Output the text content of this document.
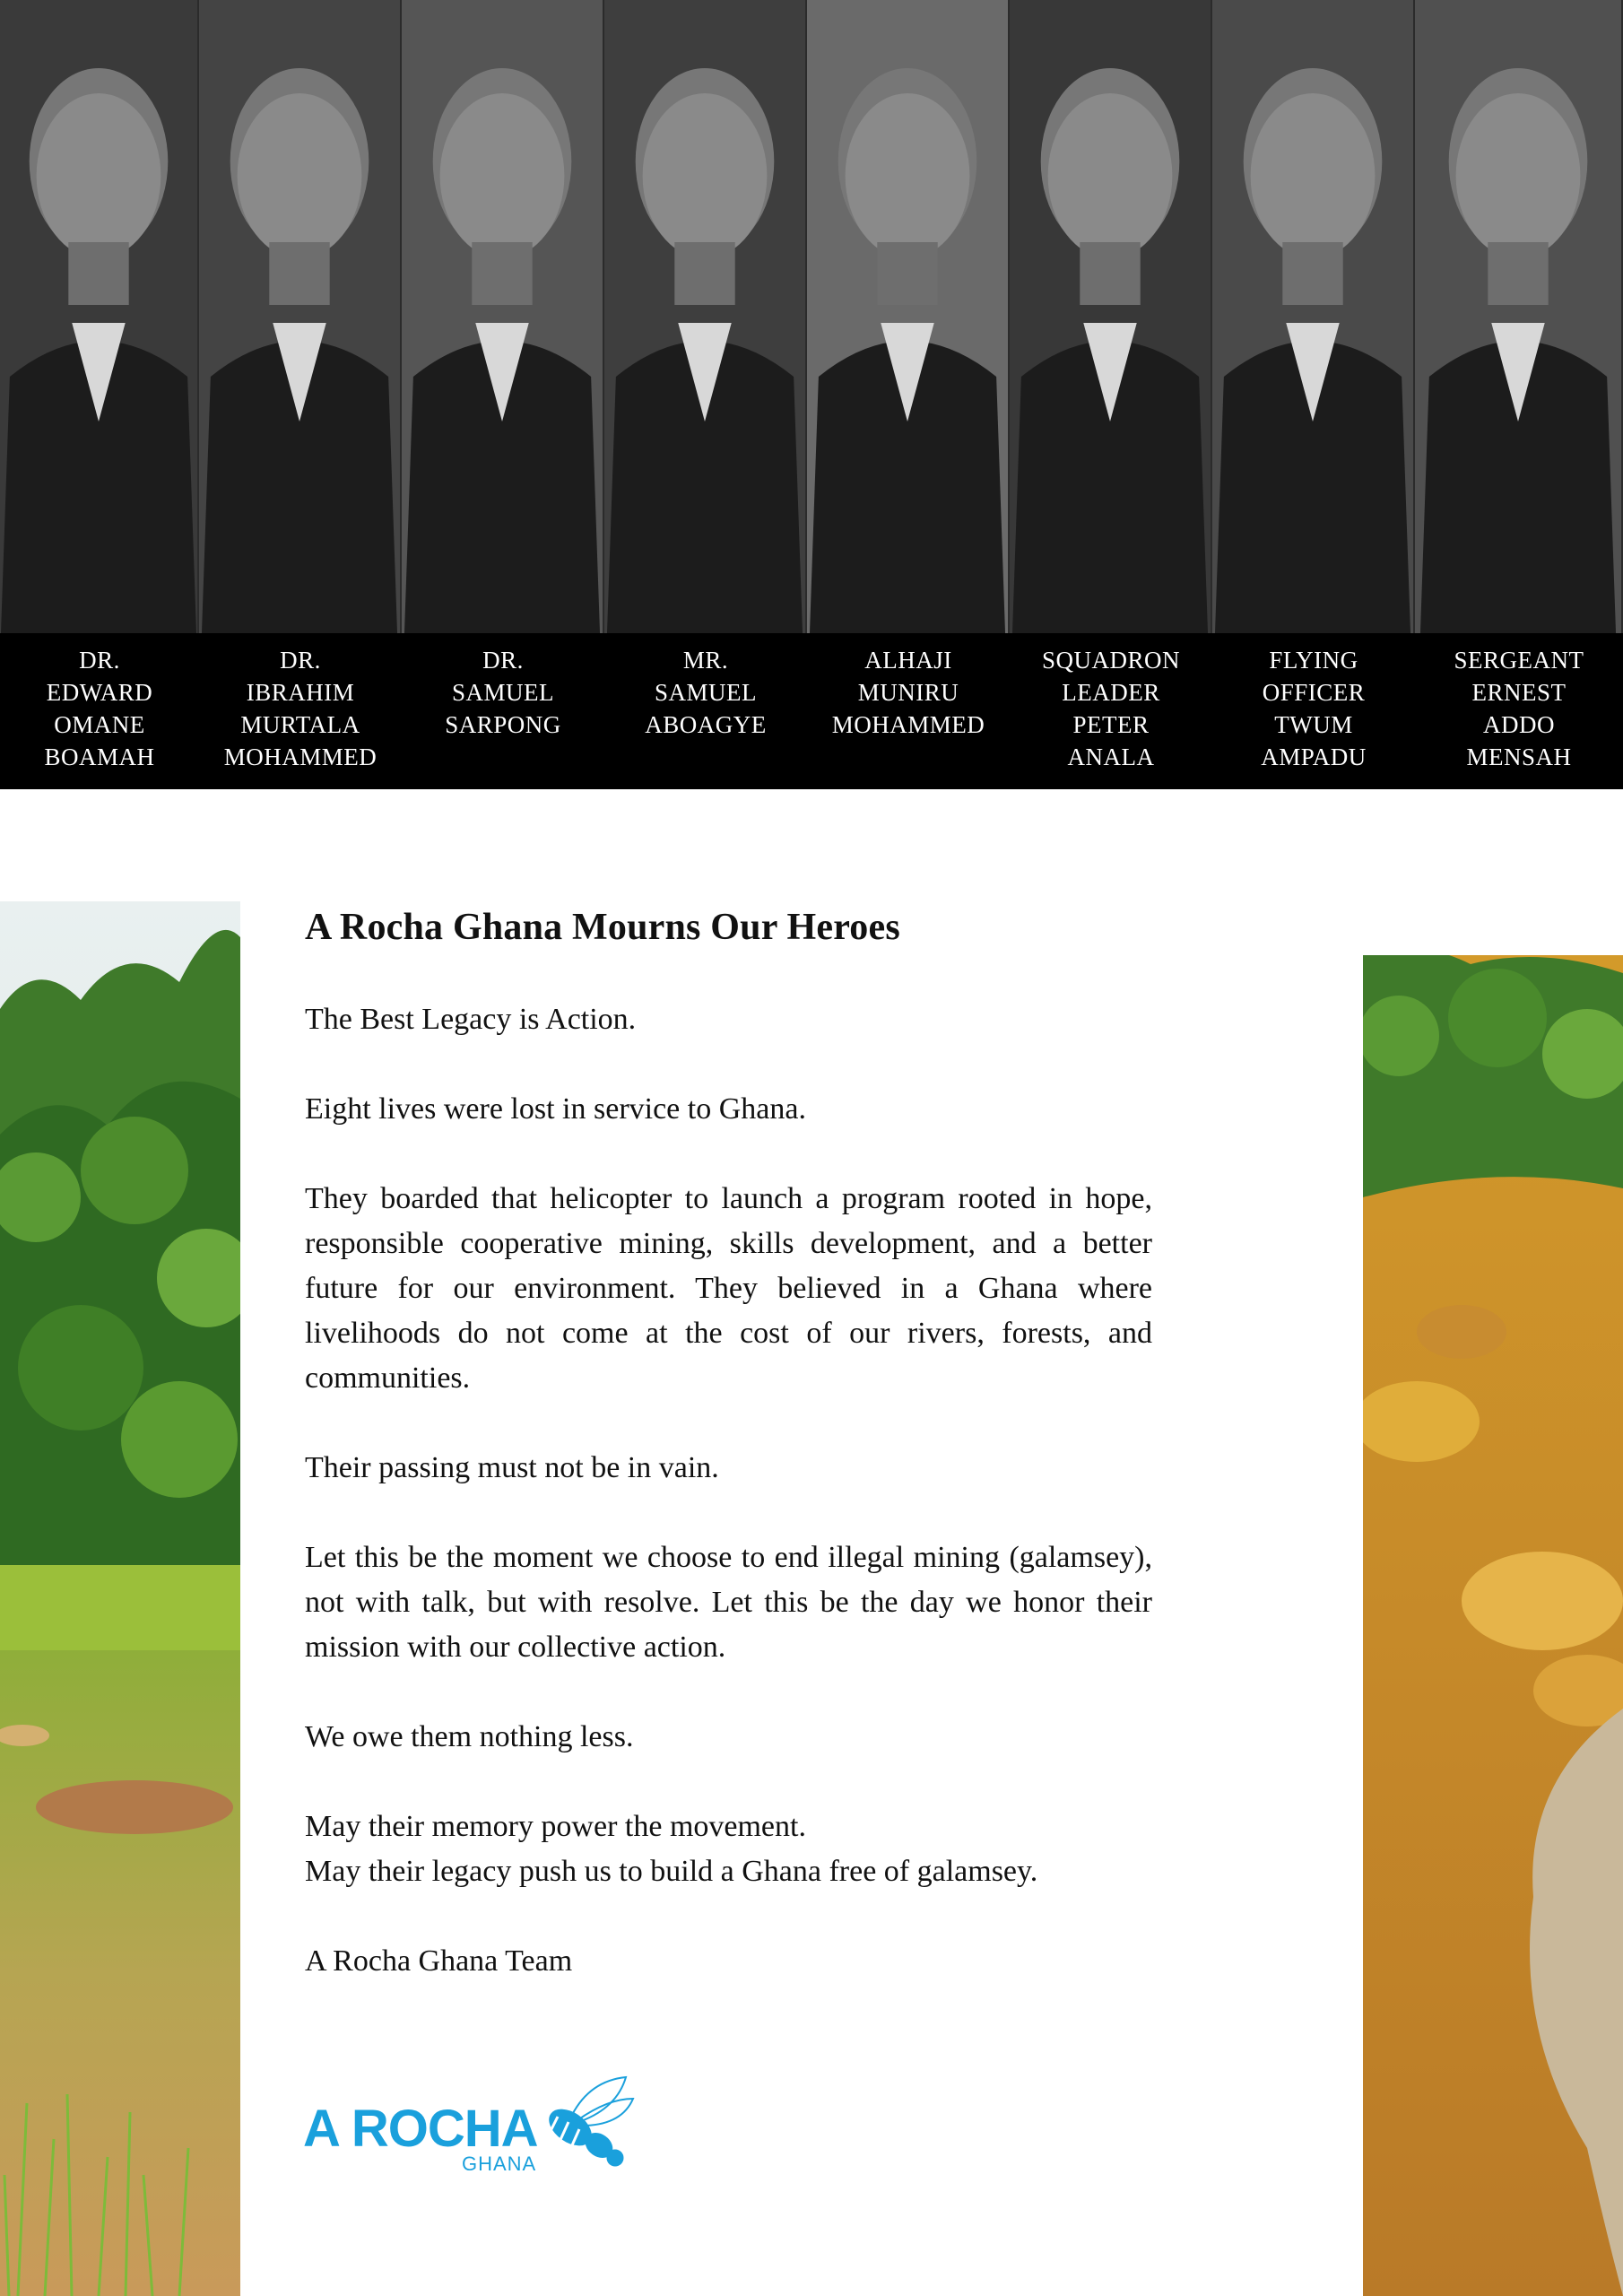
DR.
EDWARD
OMANE
BOAMAH
DR.
IBRAHIM
MURTALA
MOHAMMED
DR.
SAMUEL
SARPONG
MR.
SAMUEL
ABOAGYE
ALHAJI
MUNIRU
MOHAMMED
SQUADRON
LEADER
PETER
ANALA
FLYING
OFFICER
TWUM
AMPADU
SERGEANT
ERNEST
ADDO
MENSAH
A Rocha Ghana Mourns Our Heroes

The Best Legacy is Action.

Eight lives were lost in service to Ghana.

They boarded that helicopter to launch a program rooted in hope, responsible cooperative mining, skills development, and a better future for our environment. They believed in a Ghana where livelihoods do not come at the cost of our rivers, forests, and communities.

Their passing must not be in vain.

Let this be the moment we choose to end illegal mining (galamsey), not with talk, but with resolve. Let this be the day we honor their mission with our collective action.

We owe them nothing less.

May their memory power the movement.
May their legacy push us to build a Ghana free of galamsey.

A Rocha Ghana Team

A ROCHA
GHANA
